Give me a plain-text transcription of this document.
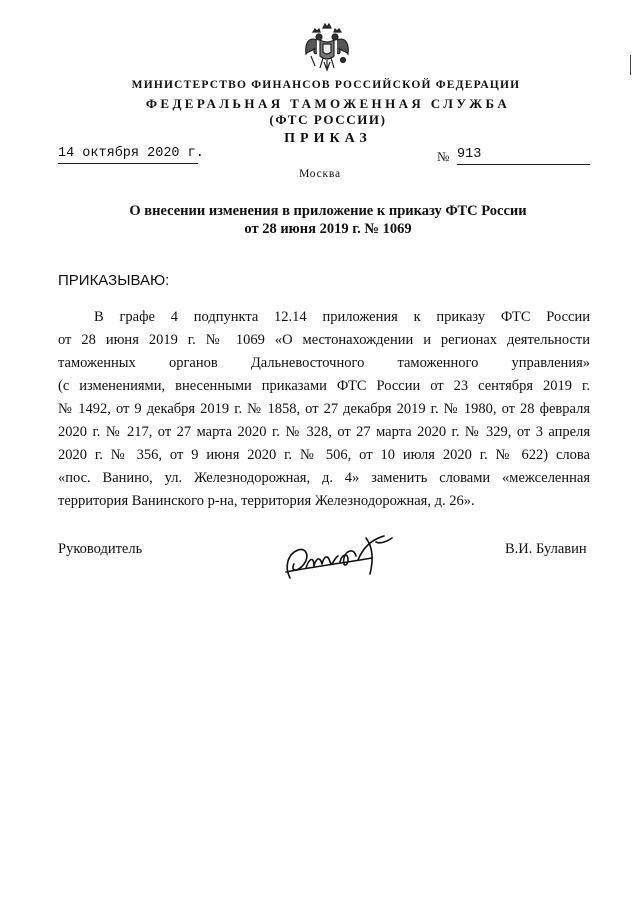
МИНИСТЕРСТВО ФИНАНСОВ РОССИЙСКОЙ ФЕДЕРАЦИИ

ФЕДЕРАЛЬНАЯ ТАМОЖЕННАЯ СЛУЖБА

(ФТС РОССИИ)

ПРИКАЗ

14 октября 2020 г.	№ 913

Москва

О внесении изменения в приложение к приказу ФТС России

от 28 июня 2019 г. № 1069

ПРИКАЗЫВАЮ:

В графе 4 подпункта 12.14 приложения к приказу ФТС России

от 28 июня 2019 г. № 1069 «О местонахождении и регионах деятельности

таможенных органов Дальневосточного таможенного управления»

(с изменениями, внесенными приказами ФТС России от 23 сентября 2019 г.

№ 1492, от 9 декабря 2019 г. № 1858, от 27 декабря 2019 г. № 1980, от 28 февраля

2020 г. № 217, от 27 марта 2020 г. № 328, от 27 марта 2020 г. № 329, от 3 апреля

2020 г. № 356, от 9 июня 2020 г. № 506, от 10 июля 2020 г. № 622) слова

«пос. Ванино, ул. Железнодорожная, д. 4» заменить словами «межселенная

территория Ванинского р-на, территория Железнодорожная, д. 26».

Руководитель	В.И. Булавин
